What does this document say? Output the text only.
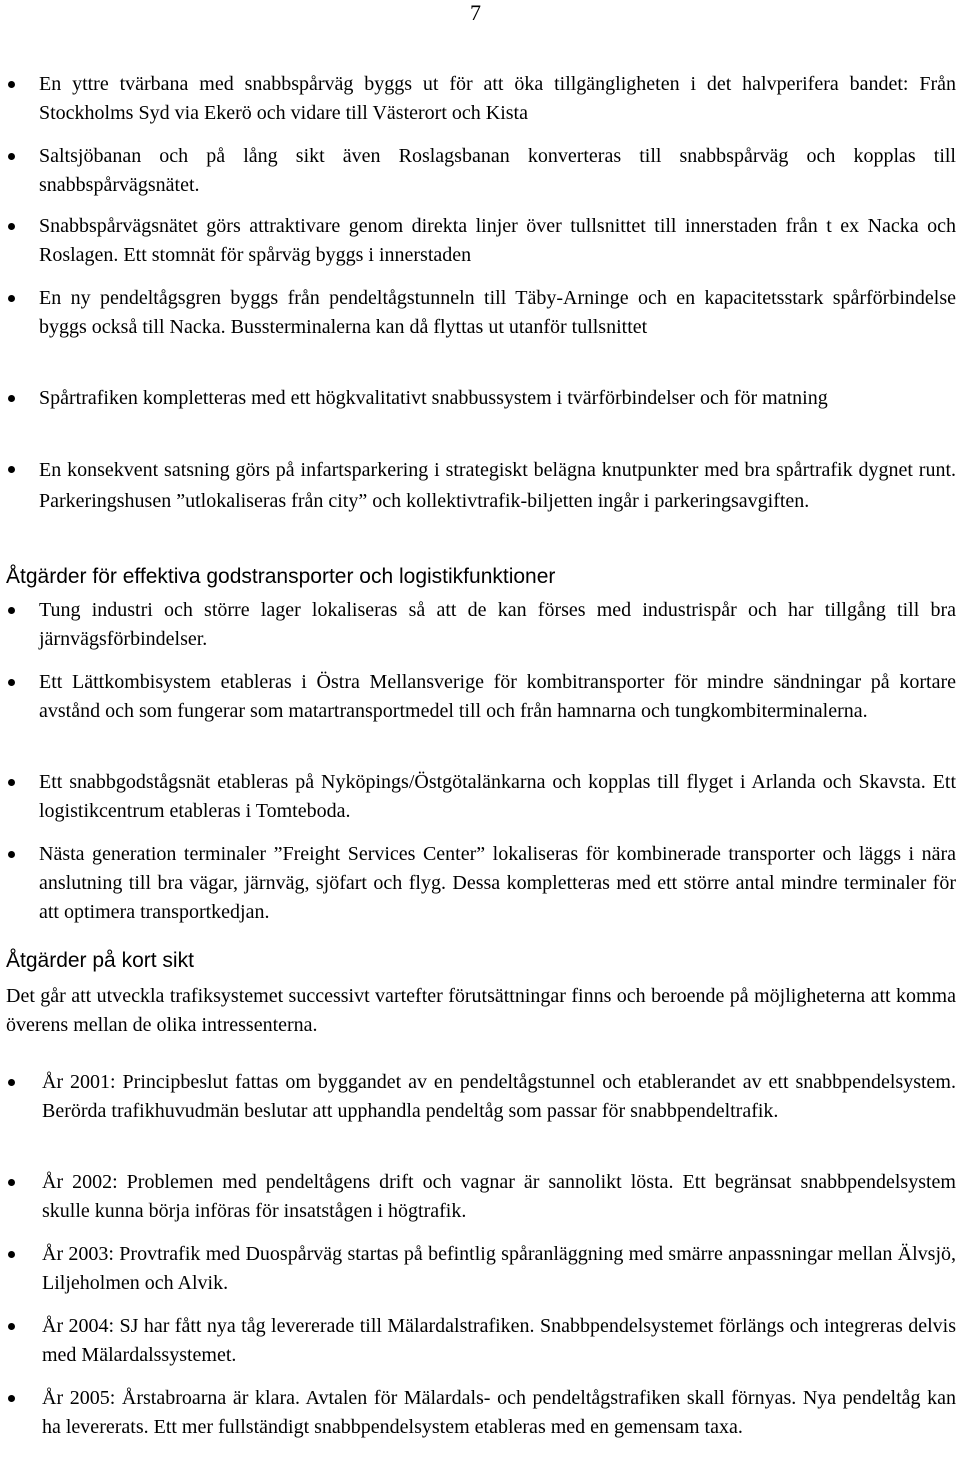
7
En yttre tvärbana med snabbspårväg byggs ut för att öka tillgängligheten i det halvperifera bandet: Från Stockholms Syd via Ekerö och vidare till Västerort och Kista
Saltsjöbanan och på lång sikt även Roslagsbanan konverteras till snabbspårväg och kopplas till snabbspårvägsnätet.
Snabbspårvägsnätet görs attraktivare genom direkta linjer över tullsnittet till innerstaden från t ex Nacka och Roslagen. Ett stomnät för spårväg byggs i innerstaden
En ny pendeltågsgren byggs från pendeltågstunneln till Täby-Arninge och en kapacitetsstark spårförbindelse byggs också till Nacka. Bussterminalerna kan då flyttas ut utanför tullsnittet
Spårtrafiken kompletteras med ett högkvalitativt snabbussystem i tvärförbindelser och för matning
En konsekvent satsning görs på infartsparkering i strategiskt belägna knutpunkter med bra spårtrafik dygnet runt. Parkeringshusen ”utlokaliseras från city” och kollektivtrafik-biljetten ingår i parkeringsavgiften.
Åtgärder för effektiva godstransporter och logistikfunktioner
Tung industri och större lager lokaliseras så att de kan förses med industrispår och har tillgång till bra järnvägsförbindelser.
Ett Lättkombisystem etableras i Östra Mellansverige för kombitransporter för mindre sändningar på kortare avstånd och som fungerar som matartransportmedel till och från hamnarna och tungkombiterminalerna.
Ett snabbgodstågsnät etableras på Nyköpings/Östgötalänkarna och kopplas till flyget i Arlanda och Skavsta. Ett logistikcentrum etableras i Tomteboda.
Nästa generation terminaler ”Freight Services Center” lokaliseras för kombinerade transporter och läggs i nära anslutning till bra vägar, järnväg, sjöfart och flyg. Dessa kompletteras med ett större antal mindre terminaler för att optimera transportkedjan.
Åtgärder på kort sikt
Det går att utveckla trafiksystemet successivt vartefter förutsättningar finns och beroende på möjligheterna att komma överens mellan de olika intressenterna.
År 2001: Principbeslut fattas om byggandet av en pendeltågstunnel och etablerandet av ett snabbpendelsystem. Berörda trafikhuvudmän beslutar att upphandla pendeltåg som passar för snabbpendeltrafik.
År 2002: Problemen med pendeltågens drift och vagnar är sannolikt lösta. Ett begränsat snabbpendelsystem skulle kunna börja införas för insatstågen i högtrafik.
År 2003: Provtrafik med Duospårväg startas på befintlig spåranläggning med smärre anpassningar mellan Älvsjö, Liljeholmen och Alvik.
År 2004: SJ har fått nya tåg levererade till Mälardalstrafiken. Snabbpendelsystemet förlängs och integreras delvis med Mälardalssystemet.
År 2005: Årstabroarna är klara. Avtalen för Mälardals- och pendeltågstrafiken skall förnyas. Nya pendeltåg kan ha levererats. Ett mer fullständigt snabbpendelsystem etableras med en gemensam taxa.
